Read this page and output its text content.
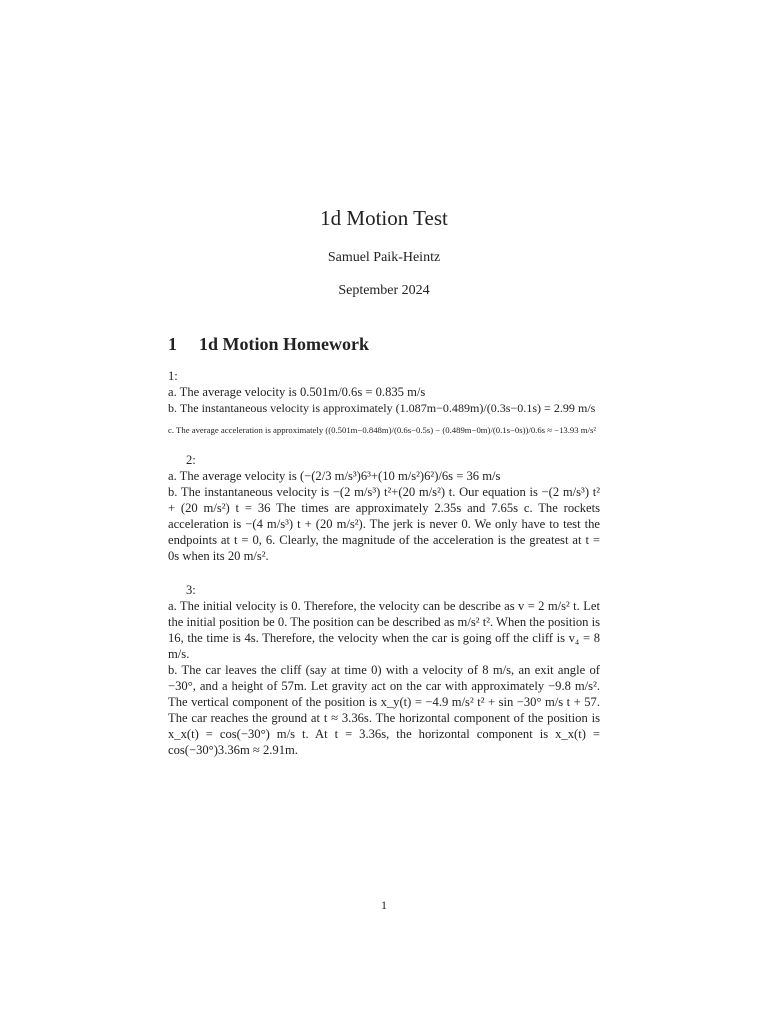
1d Motion Test
Samuel Paik-Heintz
September 2024
1 1d Motion Homework
1:
a. The average velocity is 0.501m/0.6s = 0.835 m/s
b. The instantaneous velocity is approximately (1.087m−0.489m)/(0.3s−0.1s) = 2.99 m/s
c. The average acceleration is approximately ((0.501m−0.848m)/(0.6s−0.5s) − (0.489m−0m)/(0.1s−0s))/0.6s ≈ −13.93 m/s²
2:
a. The average velocity is (−(2/3 m/s³)6³+(10 m/s²)6²)/6s = 36 m/s
b. The instantaneous velocity is −(2 m/s³) t²+(20 m/s²) t. Our equation is −(2 m/s³) t² + (20 m/s²) t = 36 The times are approximately 2.35s and 7.65s c. The rockets acceleration is −(4 m/s³) t + (20 m/s²). The jerk is never 0. We only have to test the endpoints at t = 0, 6. Clearly, the magnitude of the acceleration is the greatest at t = 0s when its 20 m/s².
3:
a. The initial velocity is 0. Therefore, the velocity can be describe as v = 2 m/s² t. Let the initial position be 0. The position can be described as m/s² t². When the position is 16, the time is 4s. Therefore, the velocity when the car is going off the cliff is v₄ = 8 m/s.
b. The car leaves the cliff (say at time 0) with a velocity of 8 m/s, an exit angle of −30°, and a height of 57m. Let gravity act on the car with approximately −9.8 m/s². The vertical component of the position is x_y(t) = −4.9 m/s² t² + sin −30° m/s t + 57. The car reaches the ground at t ≈ 3.36s. The horizontal component of the position is x_x(t) = cos(−30°) m/s t. At t = 3.36s, the horizontal component is x_x(t) = cos(−30°)3.36m ≈ 2.91m.
1
